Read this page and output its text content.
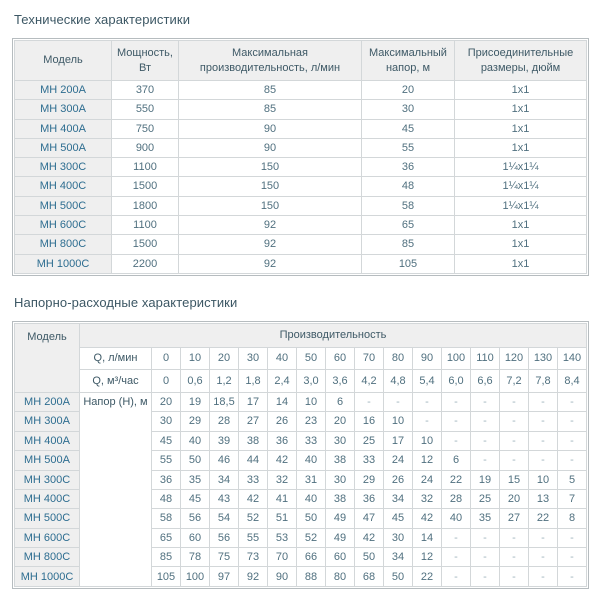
Технические характеристики
Модель	Мощность, Вт	Максимальная производительность, л/мин	Максимальный напор, м	Присоединительные размеры, дюйм
МН 200А	370	85	20	1х1
МН 300А	550	85	30	1х1
МН 400А	750	90	45	1х1
МН 500А	900	90	55	1х1
МН 300С	1100	150	36	1¼х1¼
МН 400С	1500	150	48	1¼х1¼
МН 500С	1800	150	58	1¼х1¼
МН 600С	1100	92	65	1х1
МН 800С	1500	92	85	1х1
МН 1000С	2200	92	105	1х1
Напорно-расходные характеристики
Модель	Производительность															
	Q, л/мин	0	10	20	30	40	50	60	70	80	90	100	110	120	130	140
	Q, м³/час	0	0,6	1,2	1,8	2,4	3,0	3,6	4,2	4,8	5,4	6,0	6,6	7,2	7,8	8,4
МН 200А	Напор (Н), м	20	19	18,5	17	14	10	6	-	-	-	-	-	-	-	-
МН 300А		30	29	28	27	26	23	20	16	10	-	-	-	-	-	-
МН 400А		45	40	39	38	36	33	30	25	17	10	-	-	-	-	-
МН 500А		55	50	46	44	42	40	38	33	24	12	6	-	-	-	-
МН 300С		36	35	34	33	32	31	30	29	26	24	22	19	15	10	5
МН 400С		48	45	43	42	41	40	38	36	34	32	28	25	20	13	7
МН 500С		58	56	54	52	51	50	49	47	45	42	40	35	27	22	8
МН 600С		65	60	56	55	53	52	49	42	30	14	-	-	-	-	-
МН 800С		85	78	75	73	70	66	60	50	34	12	-	-	-	-	-
МН 1000С		105	100	97	92	90	88	80	68	50	22	-	-	-	-	-
